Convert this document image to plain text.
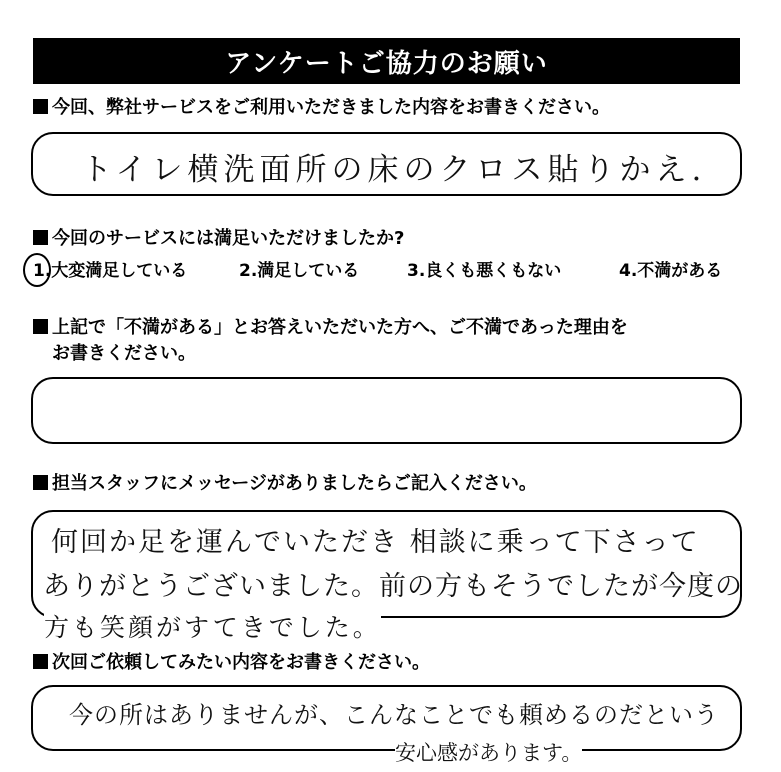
アンケートご協力のお願い
今回、弊社サービスをご利用いただきました内容をお書きください。
トイレ横洗面所の床のクロス貼りかえ.
今回のサービスには満足いただけましたか?
1.大変満足している	2.満足している	3.良くも悪くもない	4.不満がある
上記で「不満がある」とお答えいただいた方へ、ご不満であった理由を
お書きください。
担当スタッフにメッセージがありましたらご記入ください。
何回か足を運んでいただき 相談に乗って下さって
ありがとうございました。前の方もそうでしたが今度の
方も笑顔がすてきでした。
次回ご依頼してみたい内容をお書きください。
今の所はありませんが、こんなことでも頼めるのだという
安心感があります。
